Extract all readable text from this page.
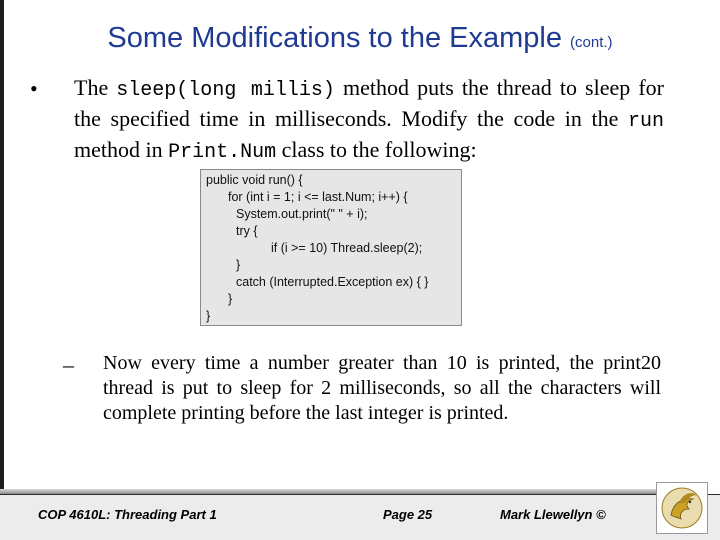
Some Modifications to the Example (cont.)
• The sleep(long millis) method puts the thread to sleep for the specified time in milliseconds. Modify the code in the run method in Print.Num class to the following:
public void run() {
for (int i = 1; i <= last.Num; i++) {
System.out.print(" " + i);
try {
if (i >= 10) Thread.sleep(2);
}
catch (Interrupted.Exception ex) { }
}
}
– Now every time a number greater than 10 is printed, the print20 thread is put to sleep for 2 milliseconds, so all the characters will complete printing before the last integer is printed.
COP 4610L: Threading Part 1	Page 25	Mark Llewellyn ©
